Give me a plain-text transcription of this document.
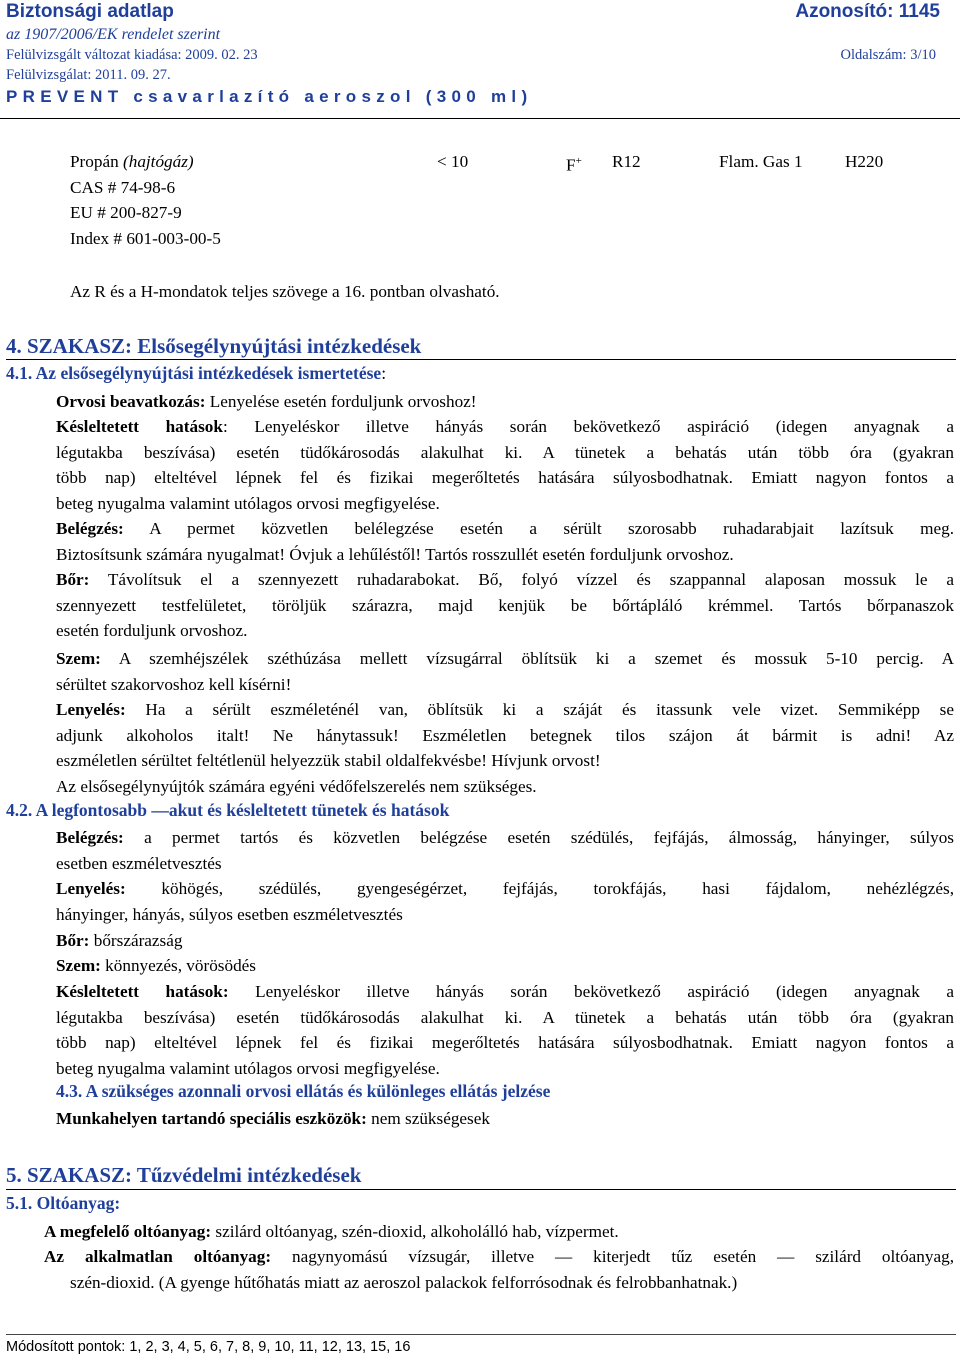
Biztonsági adatlap	Azonosító: 1145
az 1907/2006/EK rendelet szerint
Felülvizsgált változat kiadása: 2009. 02. 23	Oldalszám: 3/10
Felülvizsgálat: 2011. 09. 27.
PREVENT csavarlazító aeroszol (300 ml)
Propán (hajtógáz)	< 10	F+ R12	Flam. Gas 1 H220
CAS # 74-98-6
EU # 200-827-9
Index # 601-003-00-5
Az R és a H-mondatok teljes szövege a 16. pontban olvasható.
4. SZAKASZ: Elsősegélynyújtási intézkedések
4.1. Az elsősegélynyújtási intézkedések ismertetése:
Orvosi beavatkozás: Lenyelése esetén forduljunk orvoshoz!
Késleltetett hatások: Lenyeléskor illetve hányás során bekövetkező aspiráció (idegen anyagnak a
légutakba beszívása) esetén tüdőkárosodás alakulhat ki. A tünetek a behatás után több óra (gyakran
több nap) elteltével lépnek fel és fizikai megerőltetés hatására súlyosbodhatnak. Emiatt nagyon fontos a
beteg nyugalma valamint utólagos orvosi megfigyelése.
Belégzés: A permet közvetlen belélegzése esetén a sérült szorosabb ruhadarabjait lazítsuk meg.
Biztosítsunk számára nyugalmat! Óvjuk a lehűléstől! Tartós rosszullét esetén forduljunk orvoshoz.
Bőr: Távolítsuk el a szennyezett ruhadarabokat. Bő, folyó vízzel és szappannal alaposan mossuk le a
szennyezett testfelületet, töröljük szárazra, majd kenjük be bőrtápláló krémmel. Tartós bőrpanaszok
esetén forduljunk orvoshoz.
Szem: A szemhéjszélek széthúzása mellett vízsugárral öblítsük ki a szemet és mossuk 5-10 percig. A
sérültet szakorvoshoz kell kísérni!
Lenyelés: Ha a sérült eszméleténél van, öblítsük ki a száját és itassunk vele vizet. Semmiképp se
adjunk alkoholos italt! Ne hánytassuk! Eszméletlen betegnek tilos szájon át bármit is adni! Az
eszméletlen sérültet feltétlenül helyezzük stabil oldalfekvésbe! Hívjunk orvost!
Az elsősegélynyújtók számára egyéni védőfelszerelés nem szükséges.
4.2. A legfontosabb —akut és késleltetett tünetek és hatások
Belégzés: a permet tartós és közvetlen belégzése esetén szédülés, fejfájás, álmosság, hányinger, súlyos
esetben eszméletvesztés
Lenyelés: köhögés, szédülés, gyengeségérzet, fejfájás, torokfájás, hasi fájdalom, nehézlégzés,
hányinger, hányás, súlyos esetben eszméletvesztés
Bőr: bőrszárazság
Szem: könnyezés, vörösödés
Késleltetett hatások: Lenyeléskor illetve hányás során bekövetkező aspiráció (idegen anyagnak a
légutakba beszívása) esetén tüdőkárosodás alakulhat ki. A tünetek a behatás után több óra (gyakran
több nap) elteltével lépnek fel és fizikai megerőltetés hatására súlyosbodhatnak. Emiatt nagyon fontos a
beteg nyugalma valamint utólagos orvosi megfigyelése.
4.3. A szükséges azonnali orvosi ellátás és különleges ellátás jelzése
Munkahelyen tartandó speciális eszközök: nem szükségesek
5. SZAKASZ: Tűzvédelmi intézkedések
5.1. Oltóanyag:
A megfelelő oltóanyag: szilárd oltóanyag, szén-dioxid, alkoholálló hab, vízpermet.
Az alkalmatlan oltóanyag: nagynyomású vízsugár, illetve — kiterjedt tűz esetén — szilárd oltóanyag,
szén-dioxid. (A gyenge hűtőhatás miatt az aeroszol palackok felforrósodnak és felrobbanhatnak.)
Módosított pontok: 1, 2, 3, 4, 5, 6, 7, 8, 9, 10, 11, 12, 13, 15, 16
